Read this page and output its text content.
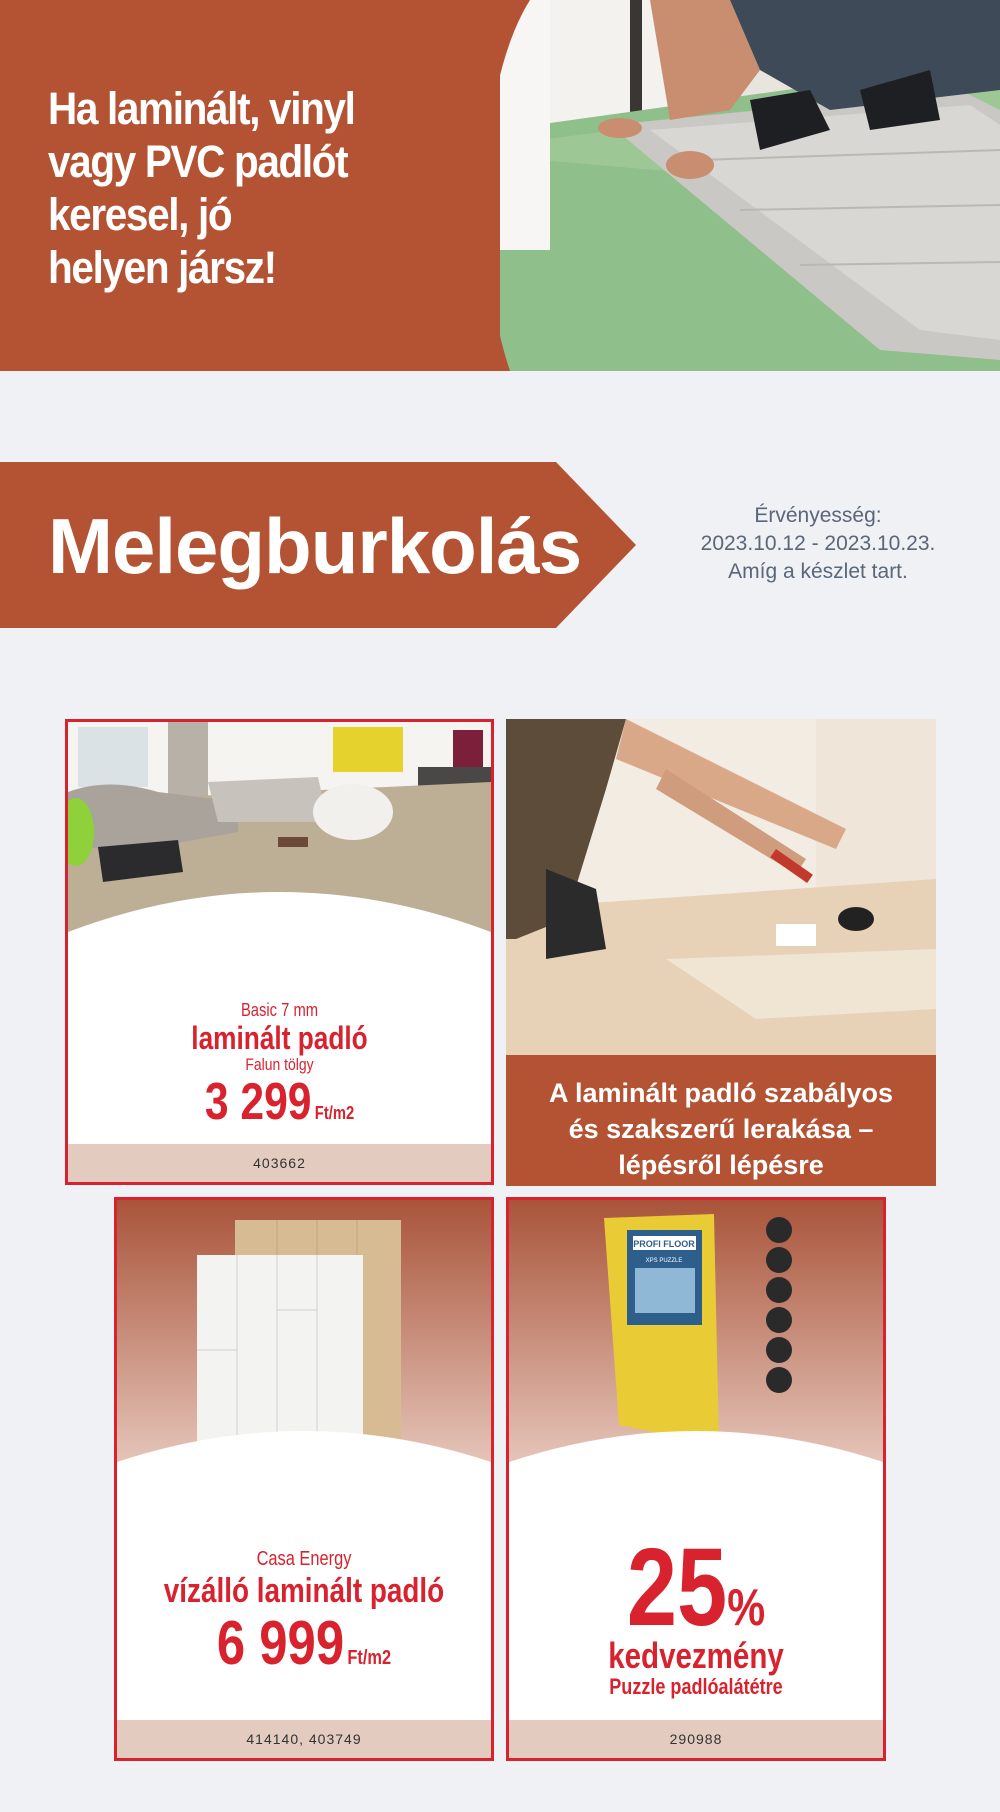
Ha laminált, vinyl
vagy PVC padlót
keresel, jó
helyen jársz!
Melegburkolás	Érvényesség:
2023.10.12 - 2023.10.23.
Amíg a készlet tart.
Basic 7 mm
laminált padló
Falun tölgy
3 299 Ft/m2
403662
A laminált padló szabályos
és szakszerű lerakása –
lépésről lépésre
Casa Energy
vízálló laminált padló
6 999 Ft/m2
414140, 403749
PROFI FLOOR
XPS PUZZLE
25%
kedvezmény
Puzzle padlóalátétre
290988
